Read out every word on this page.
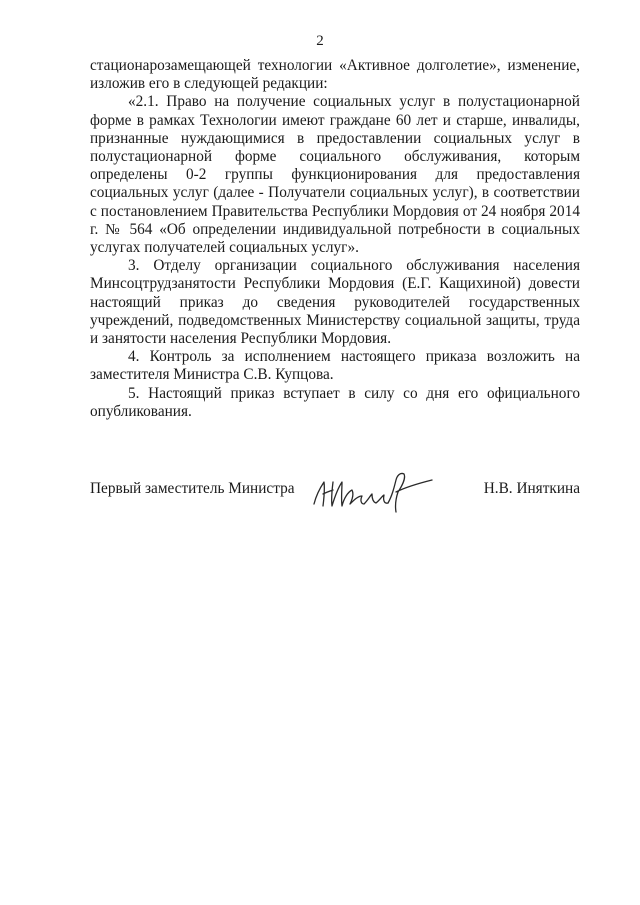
2

стационарозамещающей технологии «Активное долголетие», изменение, изложив его в следующей редакции:

«2.1. Право на получение социальных услуг в полустационарной форме в рамках Технологии имеют граждане 60 лет и старше, инвалиды, признанные нуждающимися в предоставлении социальных услуг в полустационарной форме социального обслуживания, которым определены 0-2 группы функционирования для предоставления социальных услуг (далее - Получатели социальных услуг), в соответствии с постановлением Правительства Республики Мордовия от 24 ноября 2014 г. № 564 «Об определении индивидуальной потребности в социальных услугах получателей социальных услуг».

3. Отделу организации социального обслуживания населения Минсоцтрудзанятости Республики Мордовия (Е.Г. Кащихиной) довести настоящий приказ до сведения руководителей государственных учреждений, подведомственных Министерству социальной защиты, труда и занятости населения Республики Мордовия.

4. Контроль за исполнением настоящего приказа возложить на заместителя Министра С.В. Купцова.

5. Настоящий приказ вступает в силу со дня его официального опубликования.

Первый заместитель Министра	Н.В. Иняткина
